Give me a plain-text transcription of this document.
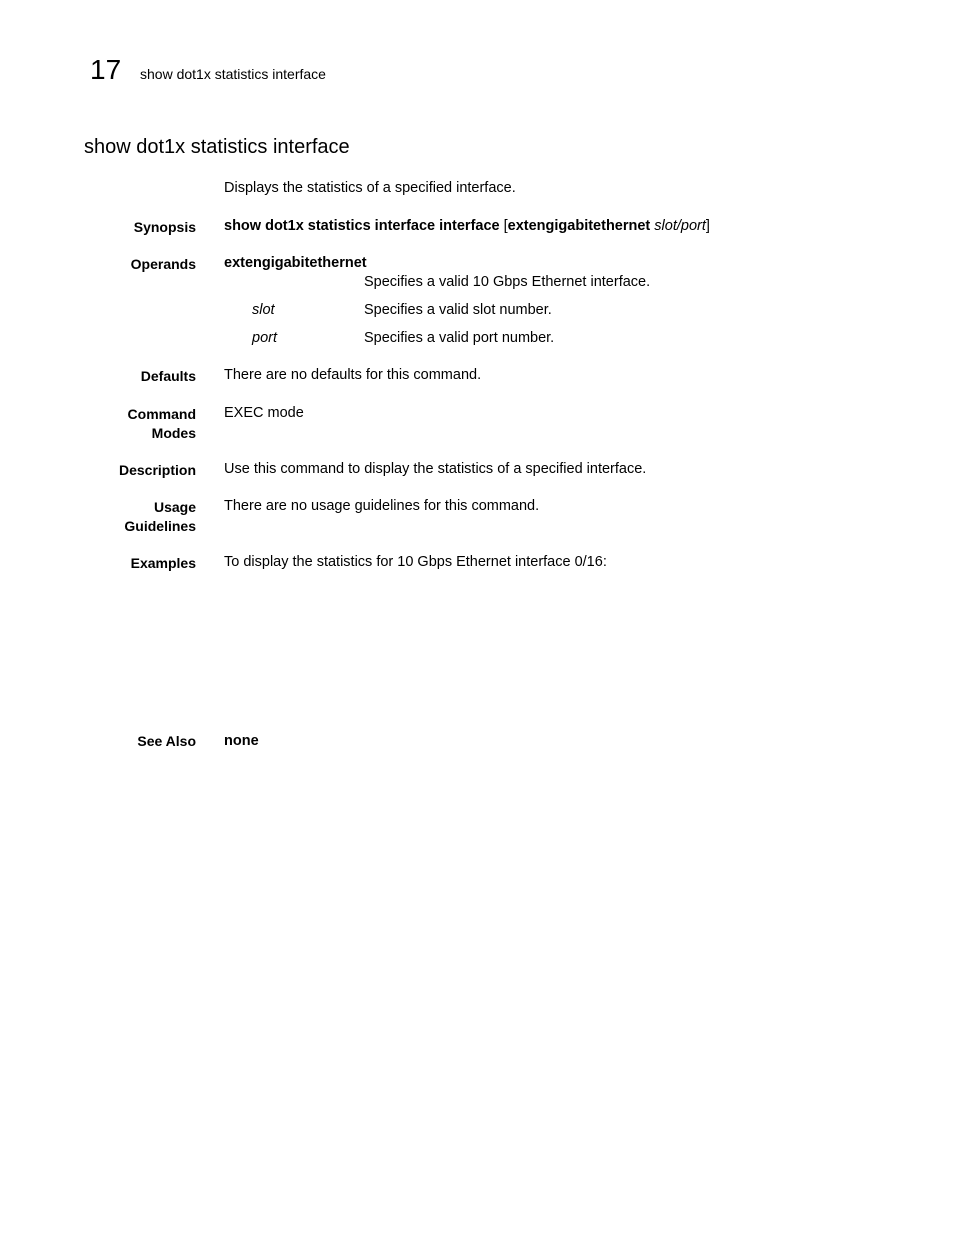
17 show dot1x statistics interface
show dot1x statistics interface
Displays the statistics of a specified interface.
Synopsis show dot1x statistics interface interface [extengigabitethernet slot/port]
Operands extengigabitethernet
Specifies a valid 10 Gbps Ethernet interface.
slot	Specifies a valid slot number.
port	Specifies a valid port number.
Defaults There are no defaults for this command.
Command
Modes
EXEC mode
Description Use this command to display the statistics of a specified interface.
Usage
Guidelines
There are no usage guidelines for this command.
Examples To display the statistics for 10 Gbps Ethernet interface 0/16:
See Also none
